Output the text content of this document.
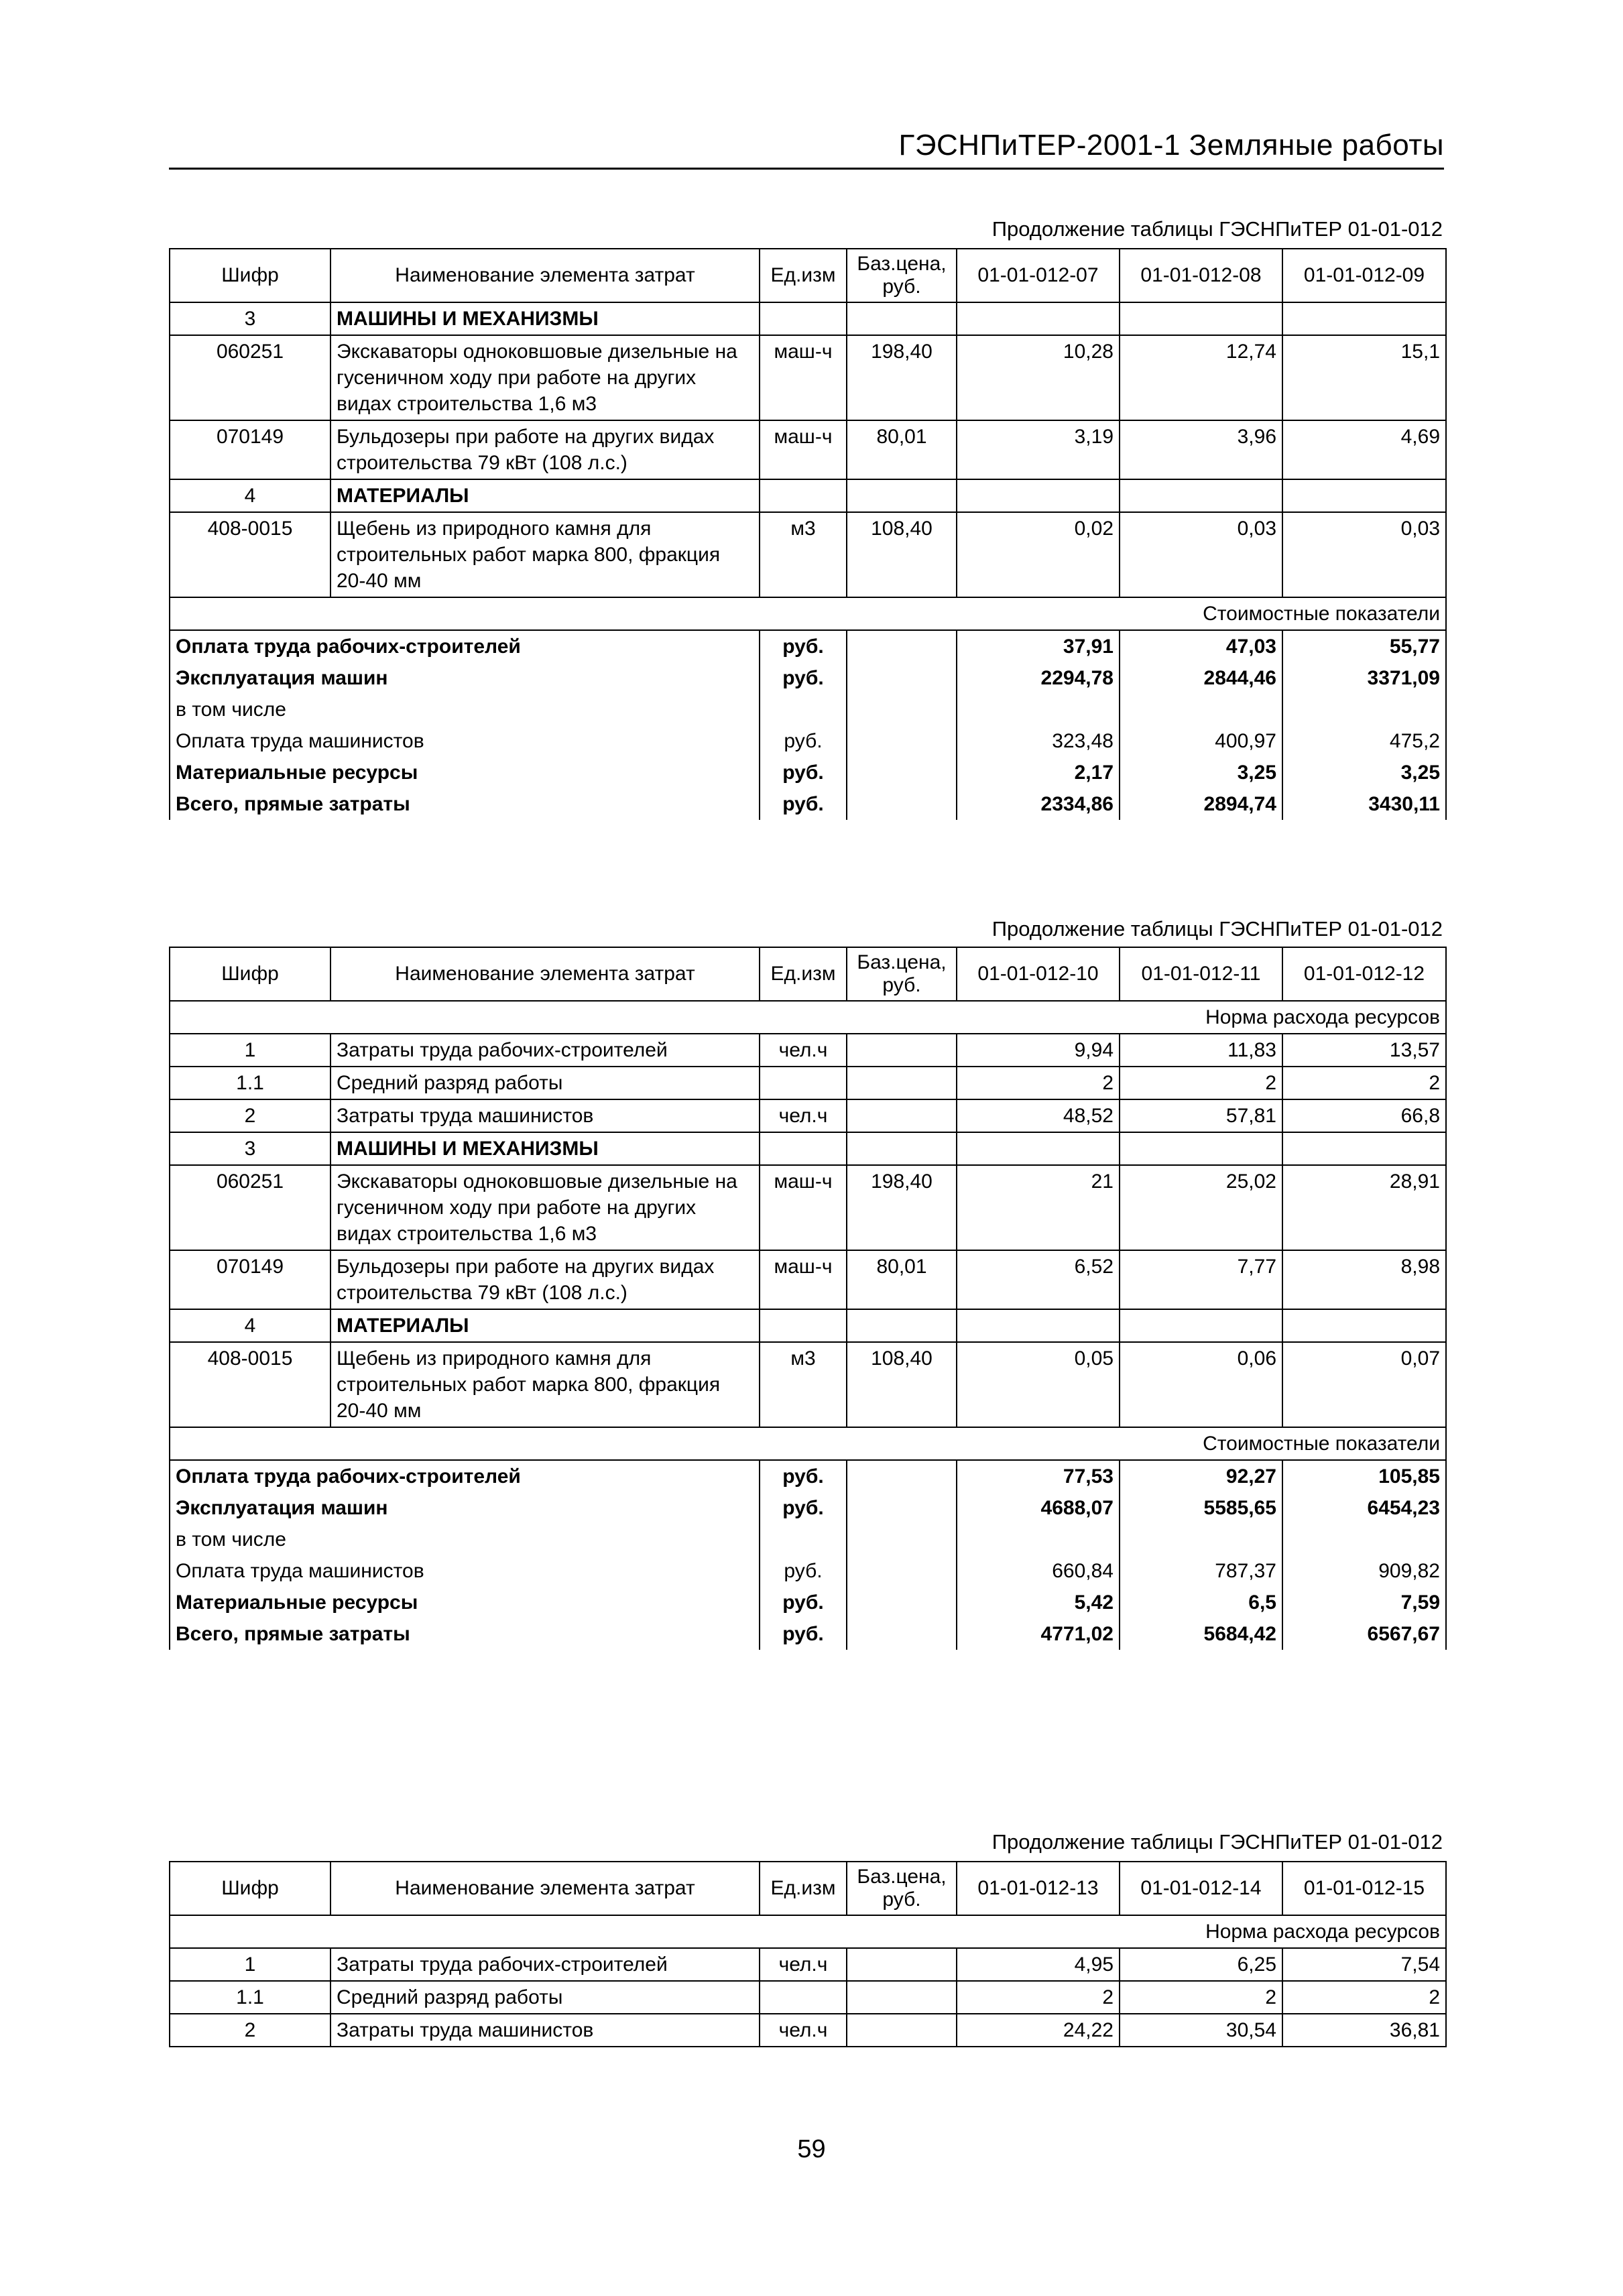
ГЭСНПиТЕР-2001-1 Земляные работы
Продолжение таблицы ГЭСНПиТЕР 01-01-012
Шифр	Наименование элемента затрат	Ед.изм	Баз.цена, руб.	01-01-012-07	01-01-012-08	01-01-012-09
3	МАШИНЫ И МЕХАНИЗМЫ					
060251	Экскаваторы одноковшовые дизельные на гусеничном ходу при работе на других видах строительства 1,6 м3	маш-ч	198,40	10,28	12,74	15,1
070149	Бульдозеры при работе на других видах строительства 79 кВт (108 л.с.)	маш-ч	80,01	3,19	3,96	4,69
4	МАТЕРИАЛЫ					
408-0015	Щебень из природного камня для строительных работ марка 800, фракция 20-40 мм	м3	108,40	0,02	0,03	0,03
Стоимостные показатели						
Оплата труда рабочих-строителей		руб.		37,91	47,03	55,77
Эксплуатация машин		руб.		2294,78	2844,46	3371,09
в том числе						
Оплата труда машинистов		руб.		323,48	400,97	475,2
Материальные ресурсы		руб.		2,17	3,25	3,25
Всего, прямые затраты		руб.		2334,86	2894,74	3430,11
Продолжение таблицы ГЭСНПиТЕР 01-01-012
Шифр	Наименование элемента затрат	Ед.изм	Баз.цена, руб.	01-01-012-10	01-01-012-11	01-01-012-12
Норма расхода ресурсов						
1	Затраты труда рабочих-строителей	чел.ч		9,94	11,83	13,57
1.1	Средний разряд работы			2	2	2
2	Затраты труда машинистов	чел.ч		48,52	57,81	66,8
3	МАШИНЫ И МЕХАНИЗМЫ					
060251	Экскаваторы одноковшовые дизельные на гусеничном ходу при работе на других видах строительства 1,6 м3	маш-ч	198,40	21	25,02	28,91
070149	Бульдозеры при работе на других видах строительства 79 кВт (108 л.с.)	маш-ч	80,01	6,52	7,77	8,98
4	МАТЕРИАЛЫ					
408-0015	Щебень из природного камня для строительных работ марка 800, фракция 20-40 мм	м3	108,40	0,05	0,06	0,07
Стоимостные показатели						
Оплата труда рабочих-строителей		руб.		77,53	92,27	105,85
Эксплуатация машин		руб.		4688,07	5585,65	6454,23
в том числе						
Оплата труда машинистов		руб.		660,84	787,37	909,82
Материальные ресурсы		руб.		5,42	6,5	7,59
Всего, прямые затраты		руб.		4771,02	5684,42	6567,67
Продолжение таблицы ГЭСНПиТЕР 01-01-012
Шифр	Наименование элемента затрат	Ед.изм	Баз.цена, руб.	01-01-012-13	01-01-012-14	01-01-012-15
Норма расхода ресурсов						
1	Затраты труда рабочих-строителей	чел.ч		4,95	6,25	7,54
1.1	Средний разряд работы			2	2	2
2	Затраты труда машинистов	чел.ч		24,22	30,54	36,81
59
